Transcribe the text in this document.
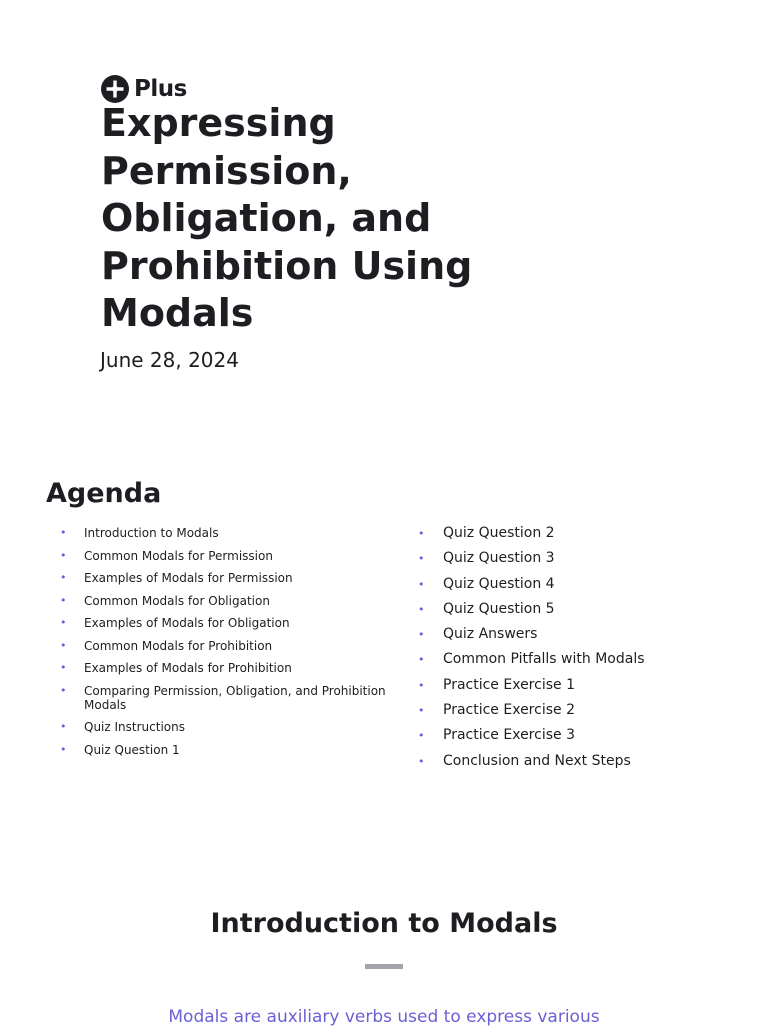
Plus
Expressing Permission, Obligation, and Prohibition Using Modals

June 28, 2024

Agenda
•	Introduction to Modals
•	Common Modals for Permission
•	Examples of Modals for Permission
•	Common Modals for Obligation
•	Examples of Modals for Obligation
•	Common Modals for Prohibition
•	Examples of Modals for Prohibition
•	Comparing Permission, Obligation, and Prohibition Modals
•	Quiz Instructions
•	Quiz Question 1
•	Quiz Question 2
•	Quiz Question 3
•	Quiz Question 4
•	Quiz Question 5
•	Quiz Answers
•	Common Pitfalls with Modals
•	Practice Exercise 1
•	Practice Exercise 2
•	Practice Exercise 3
•	Conclusion and Next Steps
Introduction to Modals

Modals are auxiliary verbs used to express various
